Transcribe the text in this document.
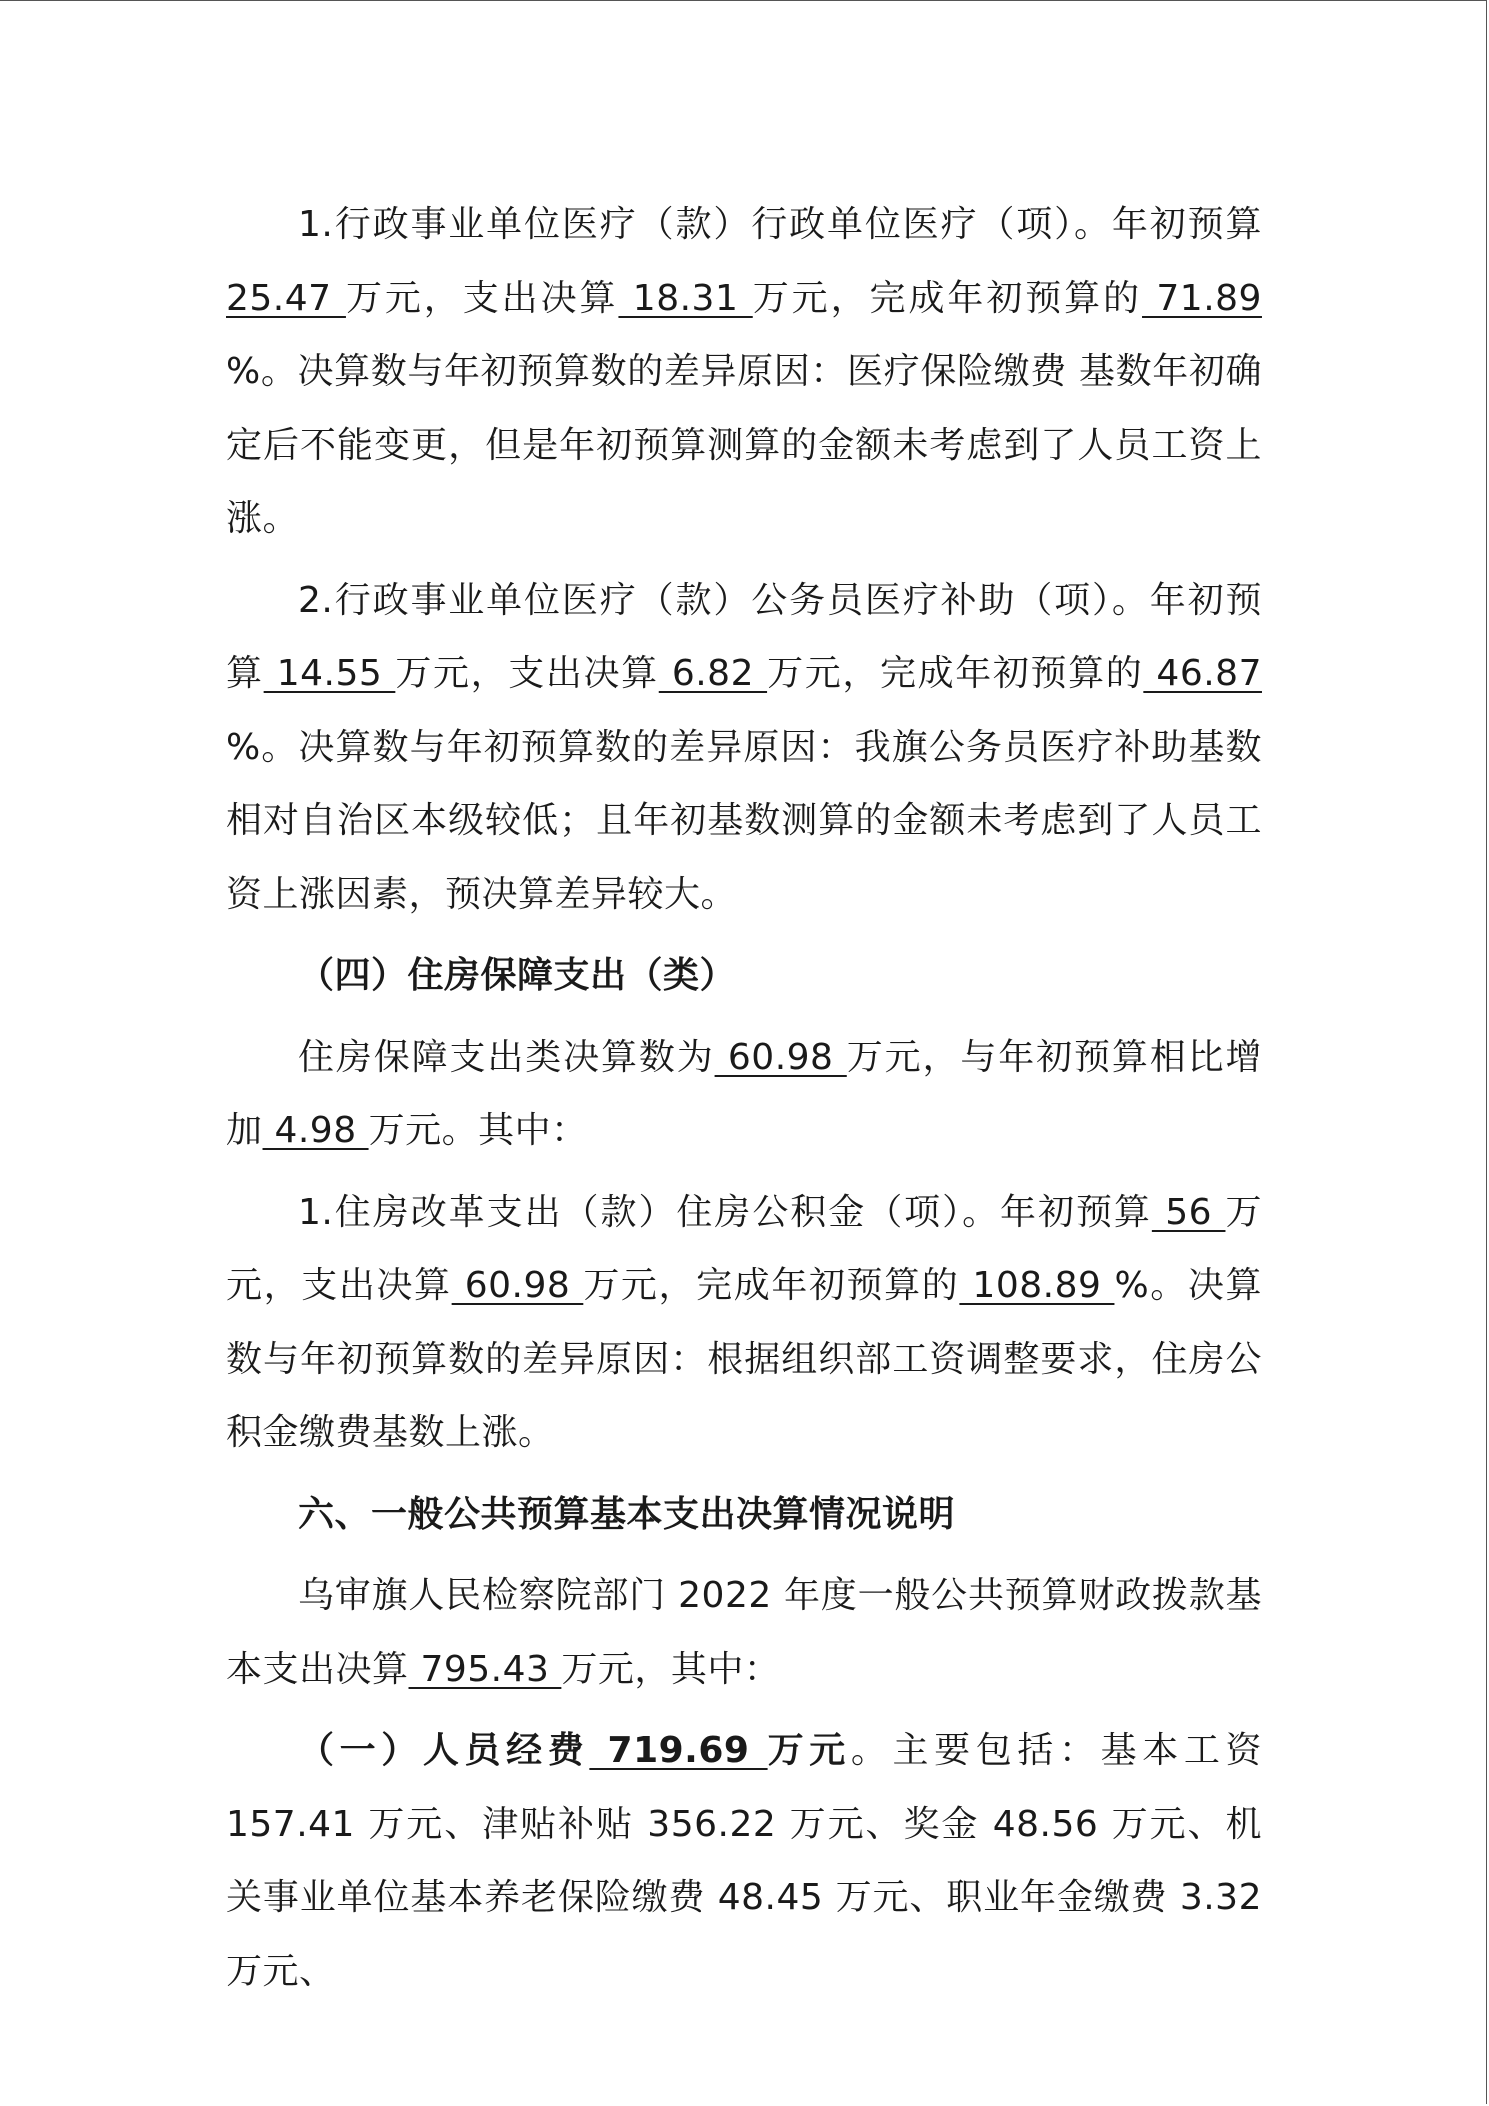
1.行政事业单位医疗（款）行政单位医疗（项）。年初预算 25.47 万元，支出决算 18.31 万元，完成年初预算的 71.89 %。决算数与年初预算数的差异原因：医疗保险缴费 基数年初确定后不能变更，但是年初预算测算的金额未考虑到了人员工资上涨。

2.行政事业单位医疗（款）公务员医疗补助（项）。年初预算 14.55 万元，支出决算 6.82 万元，完成年初预算的 46.87 %。决算数与年初预算数的差异原因：我旗公务员医疗补助基数相对自治区本级较低；且年初基数测算的金额未考虑到了人员工资上涨因素，预决算差异较大。

（四）住房保障支出（类）

住房保障支出类决算数为 60.98 万元，与年初预算相比增加 4.98 万元。其中：

1.住房改革支出（款）住房公积金（项）。年初预算 56 万元，支出决算 60.98 万元，完成年初预算的 108.89 %。决算数与年初预算数的差异原因：根据组织部工资调整要求，住房公积金缴费基数上涨。

六、一般公共预算基本支出决算情况说明

乌审旗人民检察院部门 2022 年度一般公共预算财政拨款基本支出决算 795.43 万元，其中：

（一）人员经费 719.69 万元。主要包括：基本工资 157.41 万元、津贴补贴 356.22 万元、奖金 48.56 万元、机关事业单位基本养老保险缴费 48.45 万元、职业年金缴费 3.32 万元、
